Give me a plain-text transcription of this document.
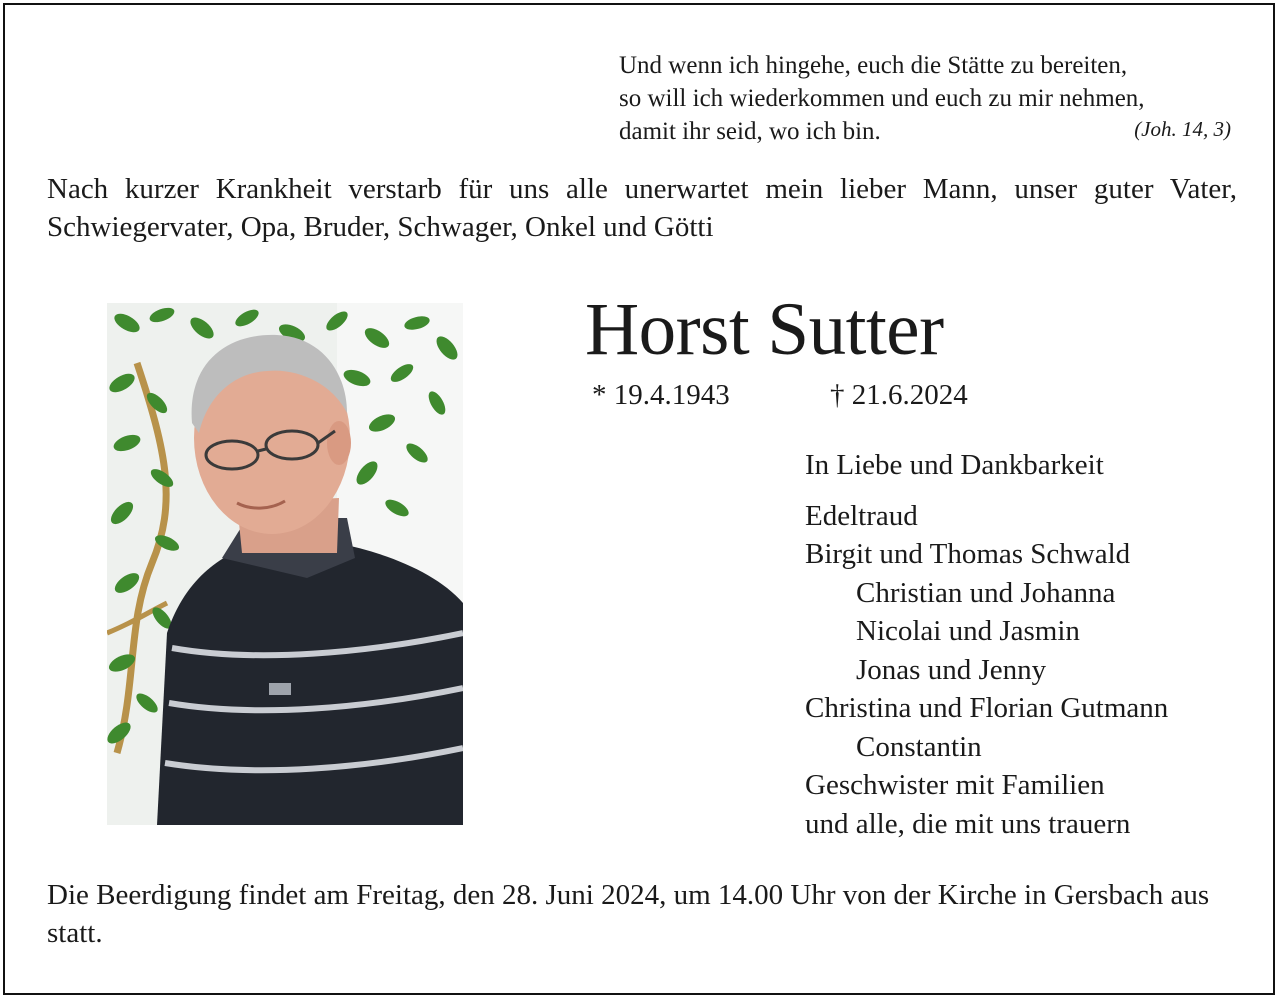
Und wenn ich hingehe, euch die Stätte zu bereiten,
so will ich wiederkommen und euch zu mir nehmen,
damit ihr seid, wo ich bin.	(Joh. 14, 3)
Nach kurzer Krankheit verstarb für uns alle unerwartet mein lieber Mann, unser guter Vater, Schwiegervater, Opa, Bruder, Schwager, Onkel und Götti
Horst Sutter
* 19.4.1943	† 21.6.2024
In Liebe und Dankbarkeit
Edeltraud
Birgit und Thomas Schwald
Christian und Johanna
Nicolai und Jasmin
Jonas und Jenny
Christina und Florian Gutmann
Constantin
Geschwister mit Familien
und alle, die mit uns trauern
Die Beerdigung findet am Freitag, den 28. Juni 2024, um 14.00 Uhr von der Kirche in Gersbach aus statt.
